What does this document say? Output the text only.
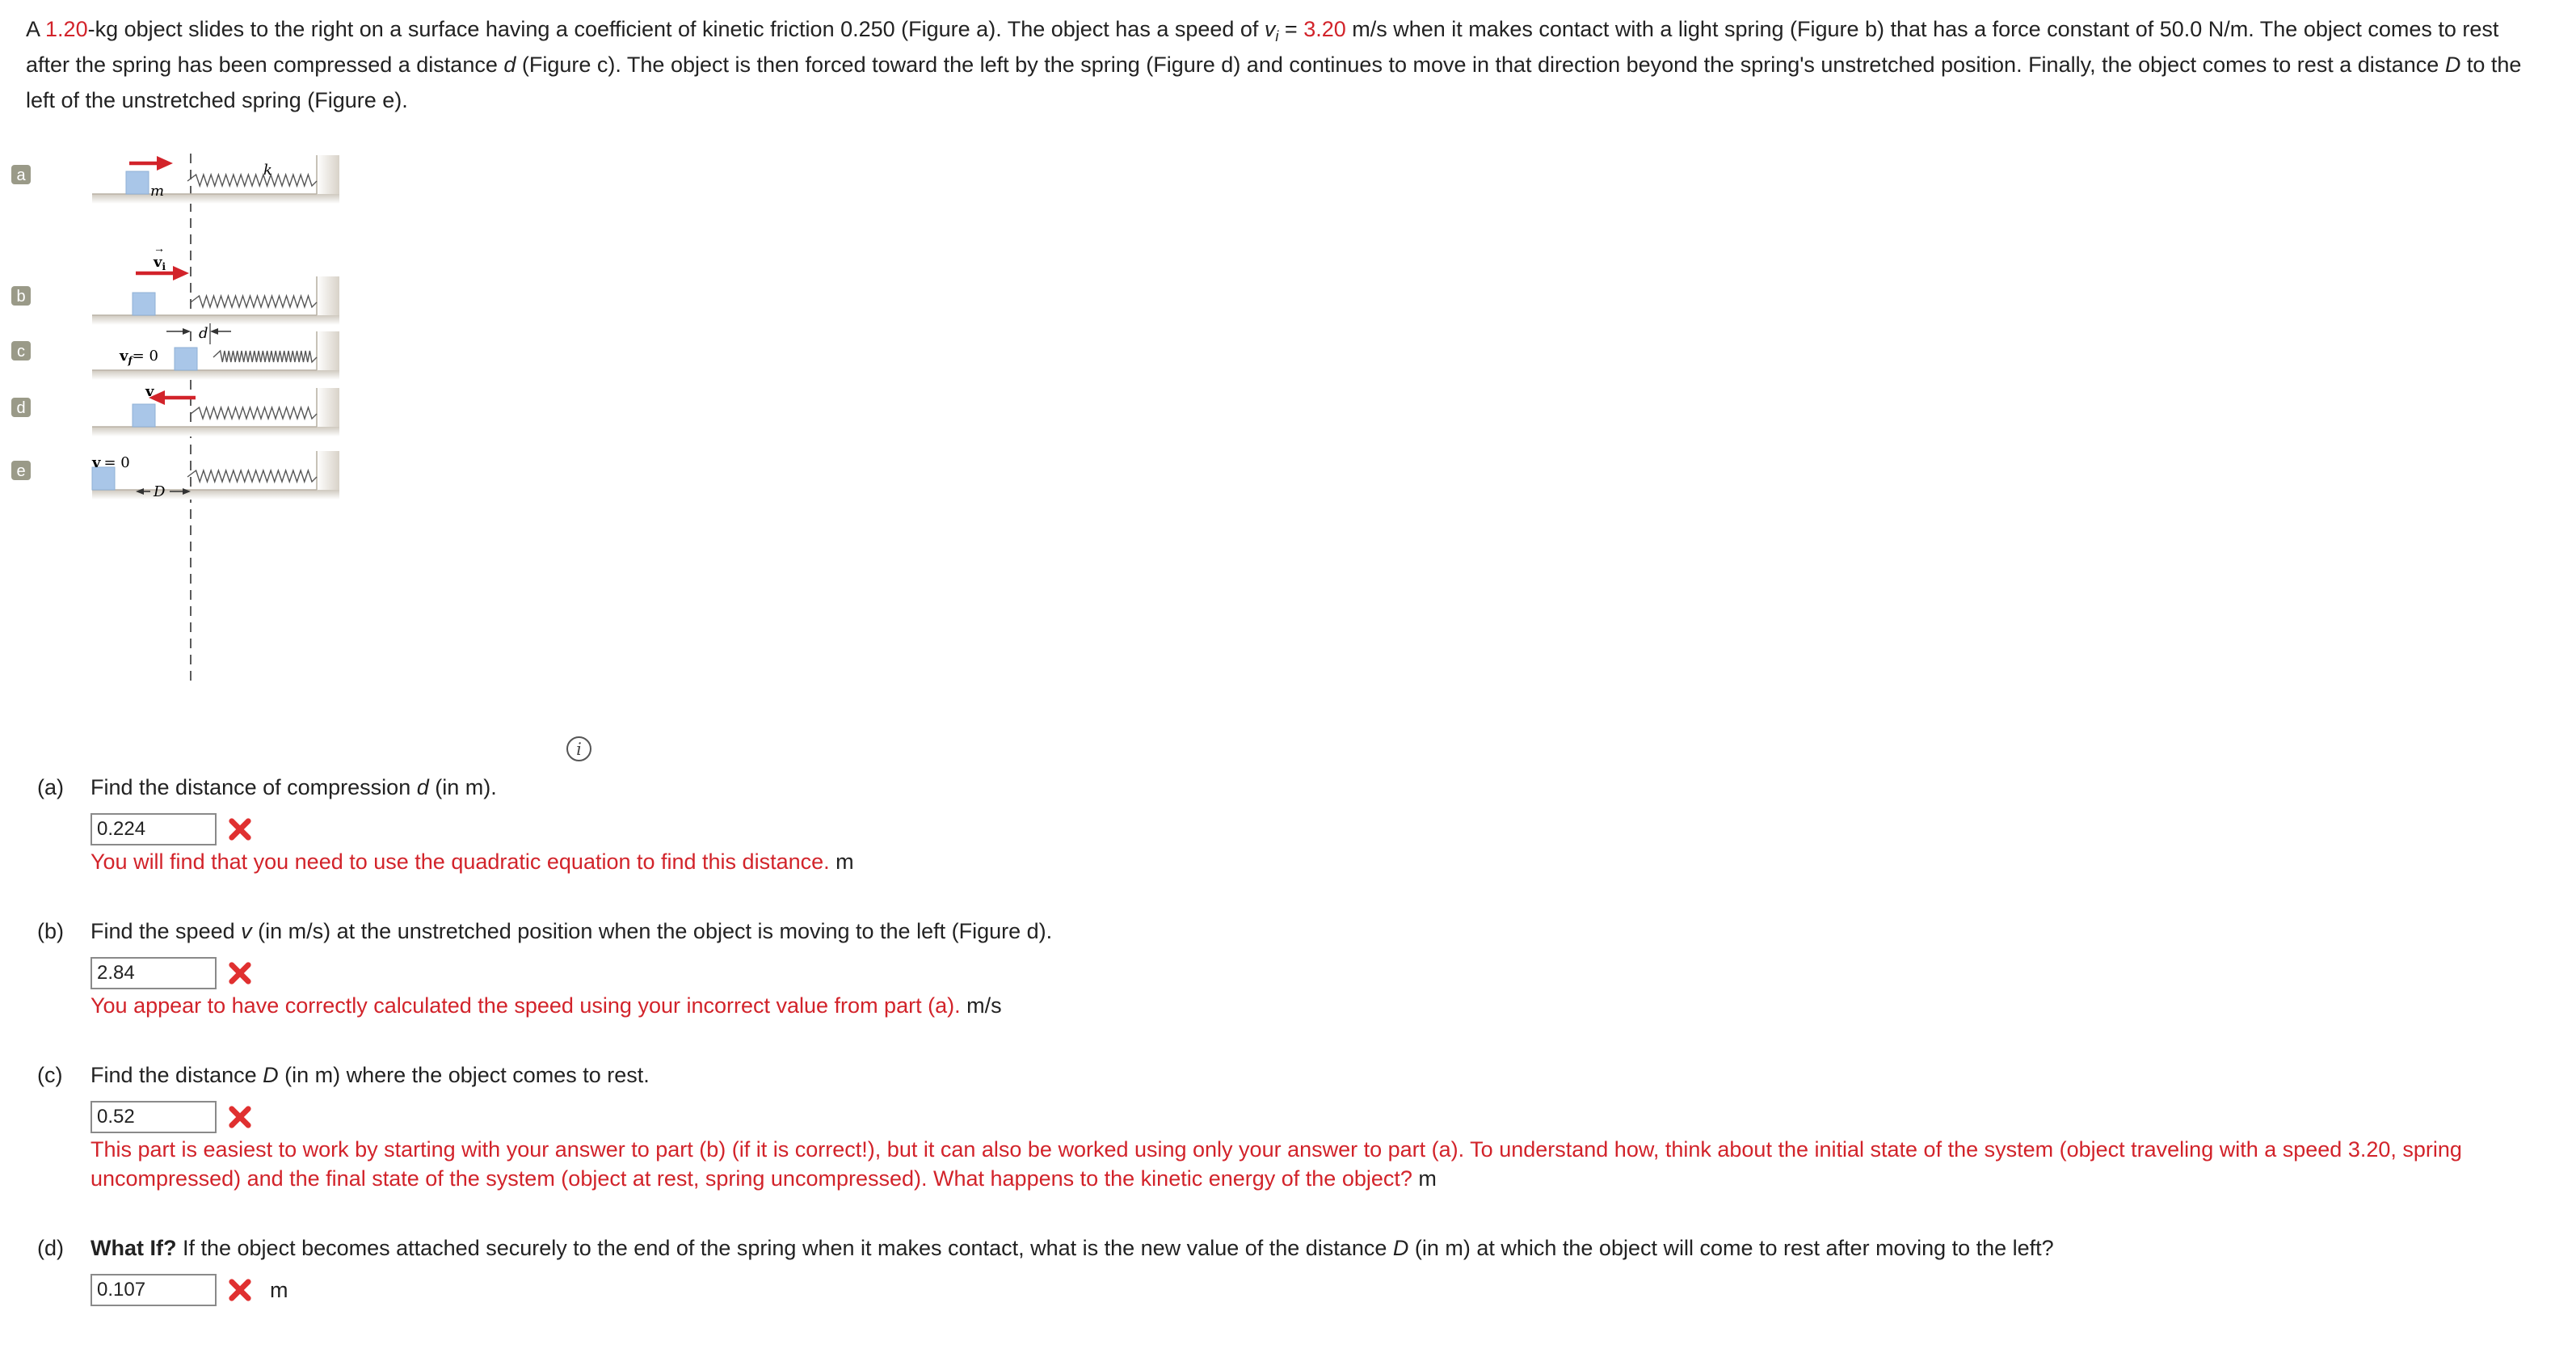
A 1.20-kg object slides to the right on a surface having a coefficient of kinetic friction 0.250 (Figure a). The object has a speed of $v_i = 3.20$ m/s when it makes contact with a light spring (Figure b) that has a force constant of 50.0 N/m. The object comes to rest after the spring has been compressed a distance d (Figure c). The object is then forced toward the left by the spring (Figure d) and continues to move in that direction beyond the spring's unstretched position. Finally, the object comes to rest a distance D to the left of the unstretched spring (Figure e).
a
b
c
d
e
m
k
$v_i$
→
d
$v_f= 0$
v
v = 0
D
i
(a) Find the distance of compression d (in m).
0.224
You will find that you need to use the quadratic equation to find this distance. m
(b) Find the speed v (in m/s) at the unstretched position when the object is moving to the left (Figure d).
2.84
You appear to have correctly calculated the speed using your incorrect value from part (a). m/s
(c) Find the distance D (in m) where the object comes to rest.
0.52
This part is easiest to work by starting with your answer to part (b) (if it is correct!), but it can also be worked using only your answer to part (a). To understand how, think about the initial state of the system (object traveling with a speed 3.20, spring uncompressed) and the final state of the system (object at rest, spring uncompressed). What happens to the kinetic energy of the object? m
(d) What If? If the object becomes attached securely to the end of the spring when it makes contact, what is the new value of the distance D (in m) at which the object will come to rest after moving to the left?
0.107
m
